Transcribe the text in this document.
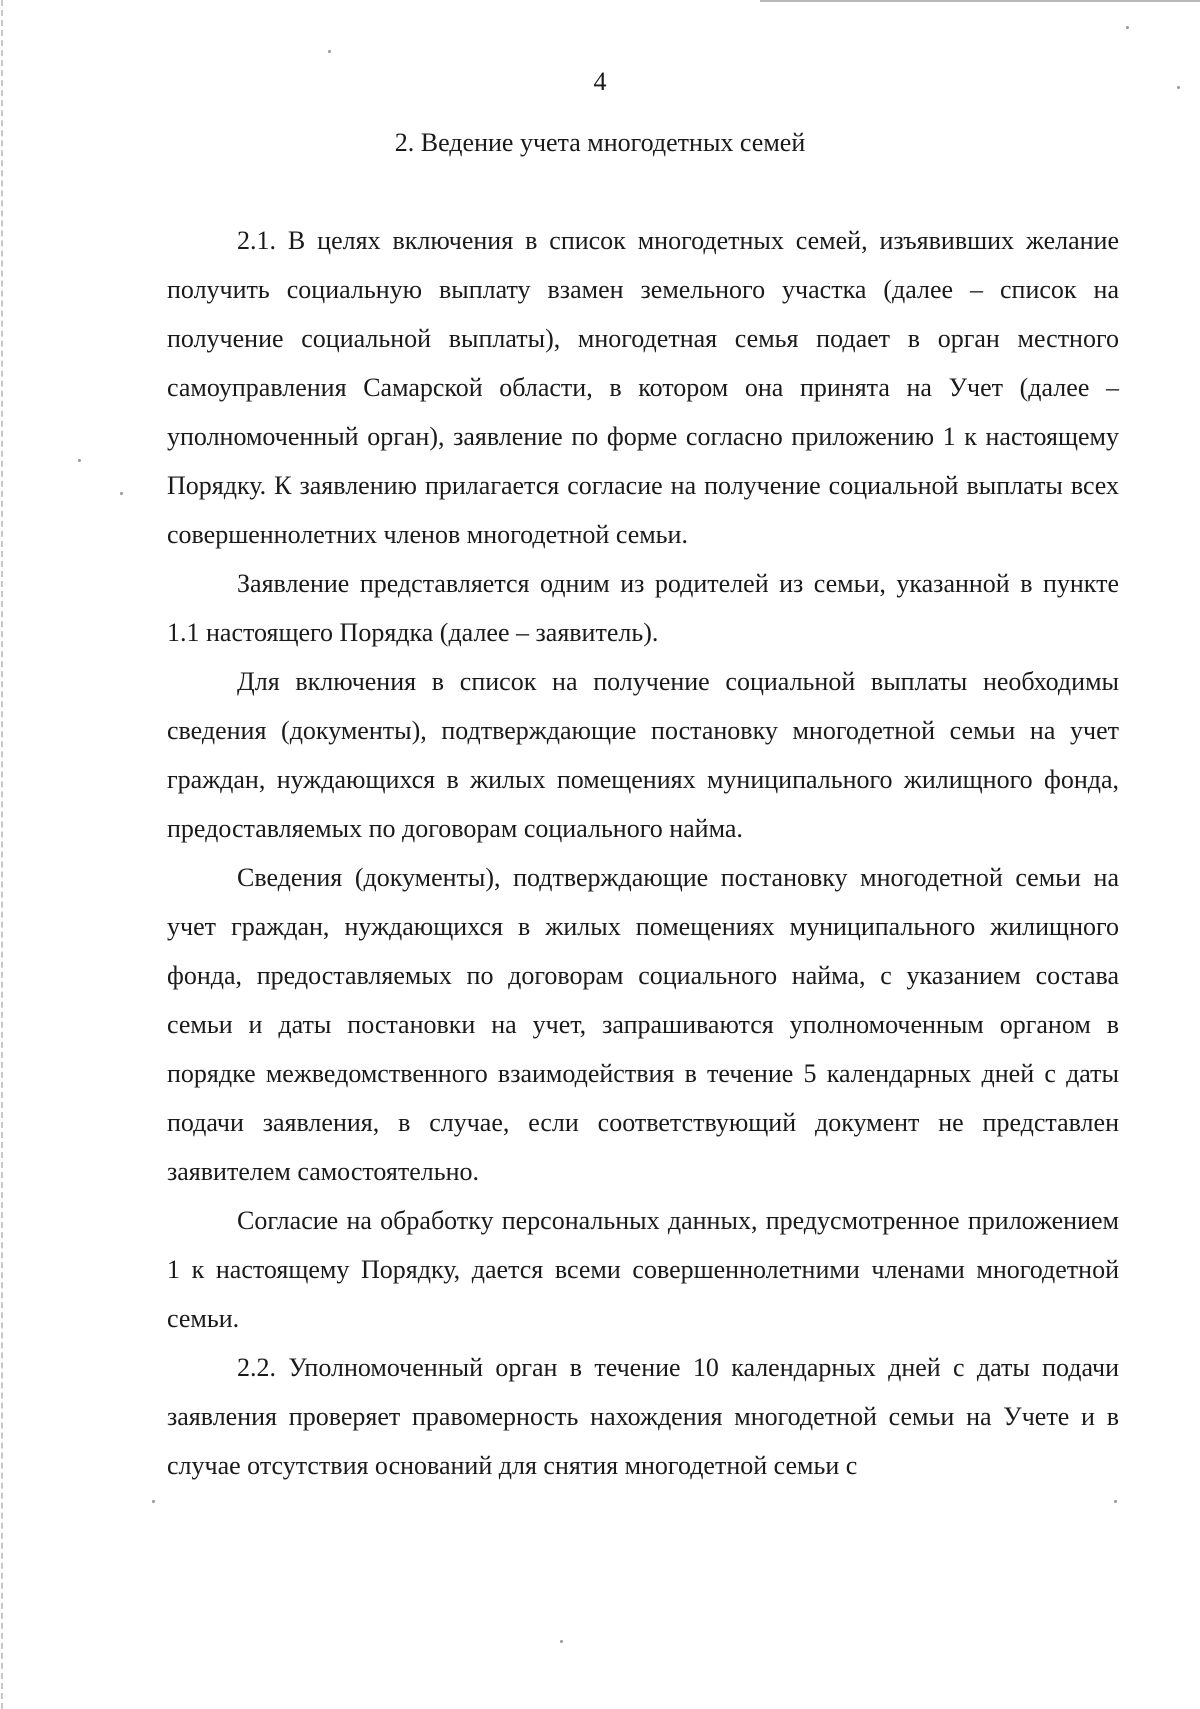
4
2. Ведение учета многодетных семей

2.1. В целях включения в список многодетных семей, изъявивших желание получить социальную выплату взамен земельного участка (далее – список на получение социальной выплаты), многодетная семья подает в орган местного самоуправления Самарской области, в котором она принята на Учет (далее – уполномоченный орган), заявление по форме согласно приложению 1 к настоящему Порядку. К заявлению прилагается согласие на получение социальной выплаты всех совершеннолетних членов многодетной семьи.

Заявление представляется одним из родителей из семьи, указанной в пункте 1.1 настоящего Порядка (далее – заявитель).

Для включения в список на получение социальной выплаты необходимы сведения (документы), подтверждающие постановку многодетной семьи на учет граждан, нуждающихся в жилых помещениях муниципального жилищного фонда, предоставляемых по договорам социального найма.

Сведения (документы), подтверждающие постановку многодетной семьи на учет граждан, нуждающихся в жилых помещениях муниципального жилищного фонда, предоставляемых по договорам социального найма, с указанием состава семьи и даты постановки на учет, запрашиваются уполномоченным органом в порядке межведомственного взаимодействия в течение 5 календарных дней с даты подачи заявления, в случае, если соответствующий документ не представлен заявителем самостоятельно.

Согласие на обработку персональных данных, предусмотренное приложением 1 к настоящему Порядку, дается всеми совершеннолетними членами многодетной семьи.

2.2. Уполномоченный орган в течение 10 календарных дней с даты подачи заявления проверяет правомерность нахождения многодетной семьи на Учете и в случае отсутствия оснований для снятия многодетной семьи с
